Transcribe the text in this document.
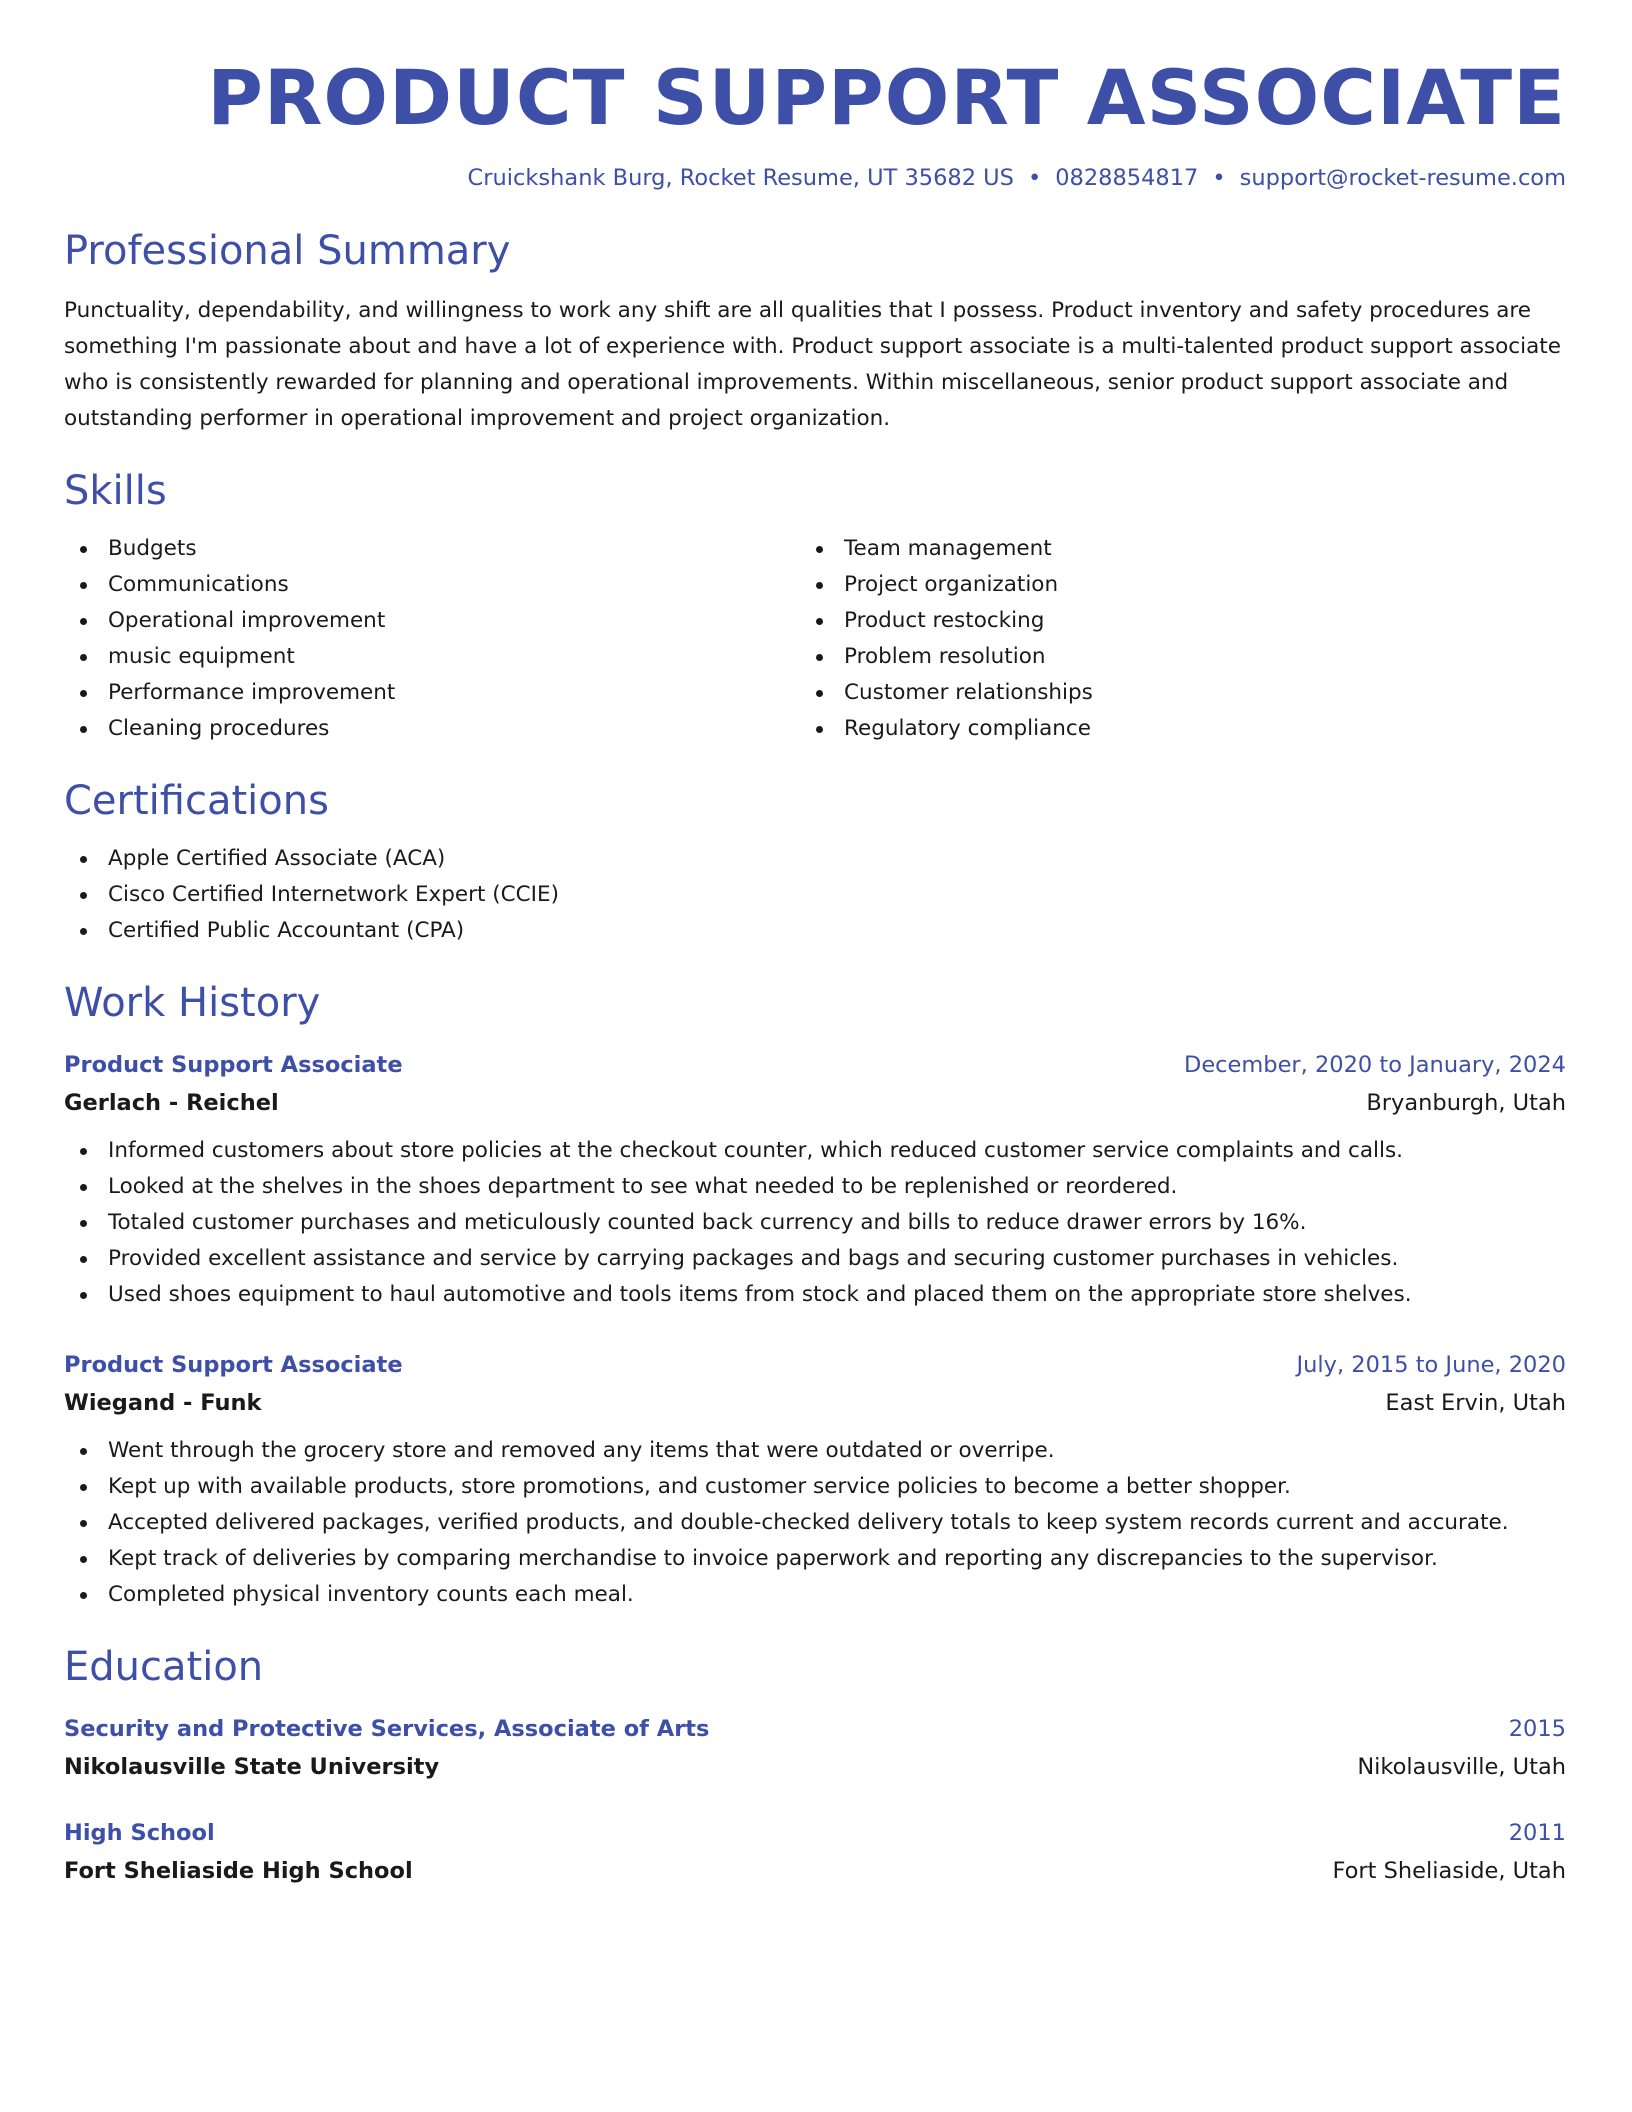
PRODUCT SUPPORT ASSOCIATE
Cruickshank Burg, Rocket Resume, UT 35682 US • 0828854817 • support@rocket-resume.com
Professional Summary

Punctuality, dependability, and willingness to work any shift are all qualities that I possess. Product inventory and safety procedures are something I'm passionate about and have a lot of experience with. Product support associate is a multi-talented product support associate who is consistently rewarded for planning and operational improvements. Within miscellaneous, senior product support associate and outstanding performer in operational improvement and project organization.

Skills
Budgets
Communications
Operational improvement
music equipment
Performance improvement
Cleaning procedures
Team management
Project organization
Product restocking
Problem resolution
Customer relationships
Regulatory compliance
Certifications
Apple Certified Associate (ACA)
Cisco Certified Internetwork Expert (CCIE)
Certified Public Accountant (CPA)
Work History
Product Support Associate	December, 2020 to January, 2024
Gerlach - Reichel	Bryanburgh, Utah
Informed customers about store policies at the checkout counter, which reduced customer service complaints and calls.
Looked at the shelves in the shoes department to see what needed to be replenished or reordered.
Totaled customer purchases and meticulously counted back currency and bills to reduce drawer errors by 16%.
Provided excellent assistance and service by carrying packages and bags and securing customer purchases in vehicles.
Used shoes equipment to haul automotive and tools items from stock and placed them on the appropriate store shelves.
Product Support Associate	July, 2015 to June, 2020
Wiegand - Funk	East Ervin, Utah
Went through the grocery store and removed any items that were outdated or overripe.
Kept up with available products, store promotions, and customer service policies to become a better shopper.
Accepted delivered packages, verified products, and double-checked delivery totals to keep system records current and accurate.
Kept track of deliveries by comparing merchandise to invoice paperwork and reporting any discrepancies to the supervisor.
Completed physical inventory counts each meal.
Education
Security and Protective Services, Associate of Arts	2015
Nikolausville State University	Nikolausville, Utah
High School	2011
Fort Sheliaside High School	Fort Sheliaside, Utah
